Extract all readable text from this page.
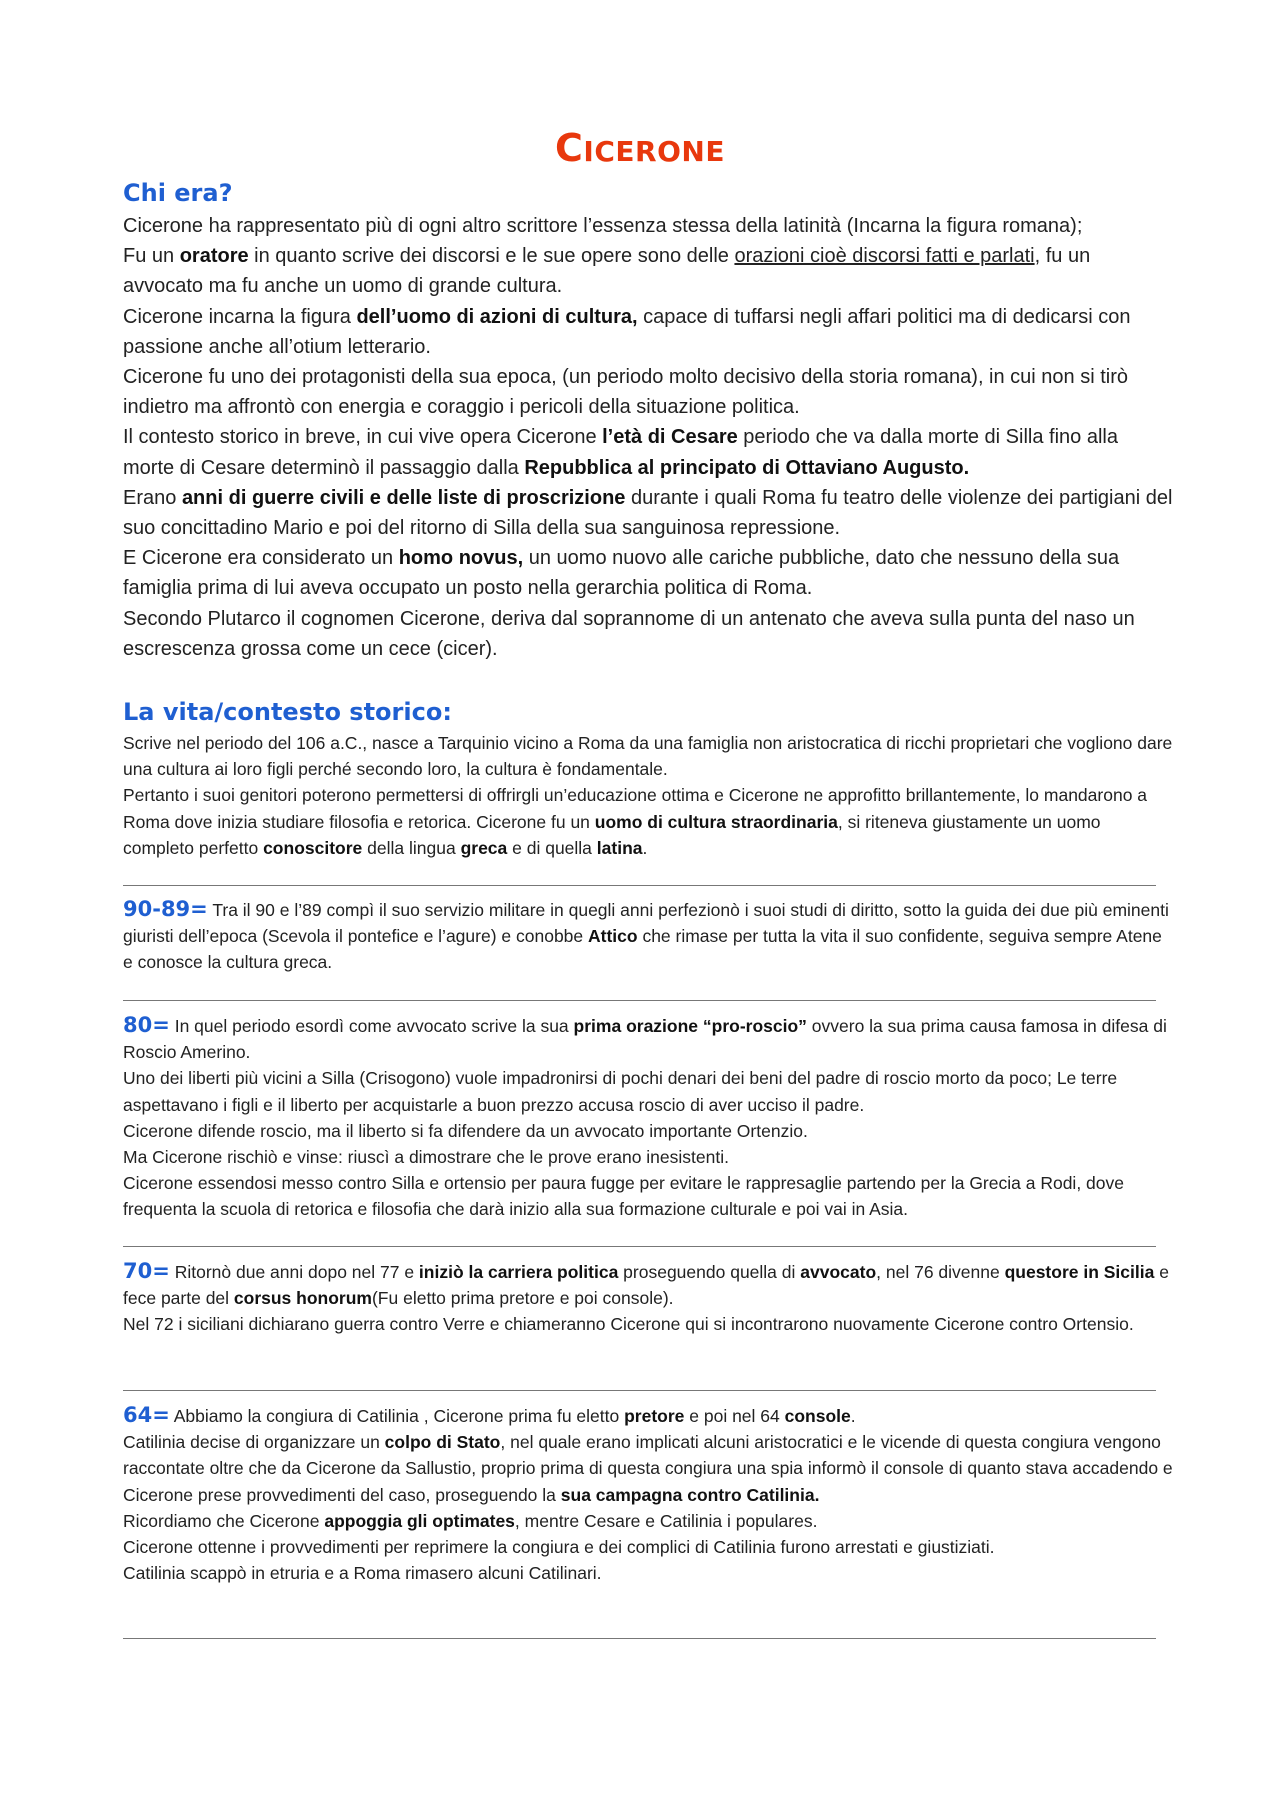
CICERONE
Chi era?

Cicerone ha rappresentato più di ogni altro scrittore l’essenza stessa della latinità (Incarna la figura romana);

Fu un oratore in quanto scrive dei discorsi e le sue opere sono delle orazioni cioè discorsi fatti e parlati, fu un avvocato ma fu anche un uomo di grande cultura.

Cicerone incarna la figura dell’uomo di azioni di cultura, capace di tuffarsi negli affari politici ma di dedicarsi con passione anche all’otium letterario.

Cicerone fu uno dei protagonisti della sua epoca, (un periodo molto decisivo della storia romana), in cui non si tirò indietro ma affrontò con energia e coraggio i pericoli della situazione politica.

Il contesto storico in breve, in cui vive opera Cicerone l’età di Cesare periodo che va dalla morte di Silla fino alla morte di Cesare determinò il passaggio dalla Repubblica al principato di Ottaviano Augusto.

Erano anni di guerre civili e delle liste di proscrizione durante i quali Roma fu teatro delle violenze dei partigiani del suo concittadino Mario e poi del ritorno di Silla della sua sanguinosa repressione.

E Cicerone era considerato un homo novus, un uomo nuovo alle cariche pubbliche, dato che nessuno della sua famiglia prima di lui aveva occupato un posto nella gerarchia politica di Roma.

Secondo Plutarco il cognomen Cicerone, deriva dal soprannome di un antenato che aveva sulla punta del naso un escrescenza grossa come un cece (cicer).

La vita/contesto storico:

Scrive nel periodo del 106 a.C., nasce a Tarquinio vicino a Roma da una famiglia non aristocratica di ricchi proprietari che vogliono dare una cultura ai loro figli perché secondo loro, la cultura è fondamentale.

Pertanto i suoi genitori poterono permettersi di offrirgli un’educazione ottima e Cicerone ne approfitto brillantemente, lo mandarono a Roma dove inizia studiare filosofia e retorica. Cicerone fu un uomo di cultura straordinaria, si riteneva giustamente un uomo completo perfetto conoscitore della lingua greca e di quella latina.

90-89= Tra il 90 e l’89 compì il suo servizio militare in quegli anni perfezionò i suoi studi di diritto, sotto la guida dei due più eminenti giuristi dell’epoca (Scevola il pontefice e l’agure) e conobbe Attico che rimase per tutta la vita il suo confidente, seguiva sempre Atene e conosce la cultura greca.

80= In quel periodo esordì come avvocato scrive la sua prima orazione “pro-roscio” ovvero la sua prima causa famosa in difesa di Roscio Amerino.

Uno dei liberti più vicini a Silla (Crisogono) vuole impadronirsi di pochi denari dei beni del padre di roscio morto da poco; Le terre aspettavano i figli e il liberto per acquistarle a buon prezzo accusa roscio di aver ucciso il padre.

Cicerone difende roscio, ma il liberto si fa difendere da un avvocato importante Ortenzio.

Ma Cicerone rischiò e vinse: riuscì a dimostrare che le prove erano inesistenti.

Cicerone essendosi messo contro Silla e ortensio per paura fugge per evitare le rappresaglie partendo per la Grecia a Rodi, dove frequenta la scuola di retorica e filosofia che darà inizio alla sua formazione culturale e poi vai in Asia.

70= Ritornò due anni dopo nel 77 e iniziò la carriera politica proseguendo quella di avvocato, nel 76 divenne questore in Sicilia e fece parte del corsus honorum(Fu eletto prima pretore e poi console).

Nel 72 i siciliani dichiarano guerra contro Verre e chiameranno Cicerone qui si incontrarono nuovamente Cicerone contro Ortensio.

64= Abbiamo la congiura di Catilinia , Cicerone prima fu eletto pretore e poi nel 64 console.

Catilinia decise di organizzare un colpo di Stato, nel quale erano implicati alcuni aristocratici e le vicende di questa congiura vengono raccontate oltre che da Cicerone da Sallustio, proprio prima di questa congiura una spia informò il console di quanto stava accadendo e Cicerone prese provvedimenti del caso, proseguendo la sua campagna contro Catilinia.

Ricordiamo che Cicerone appoggia gli optimates, mentre Cesare e Catilinia i populares.

Cicerone ottenne i provvedimenti per reprimere la congiura e dei complici di Catilinia furono arrestati e giustiziati.

Catilinia scappò in etruria e a Roma rimasero alcuni Catilinari.
